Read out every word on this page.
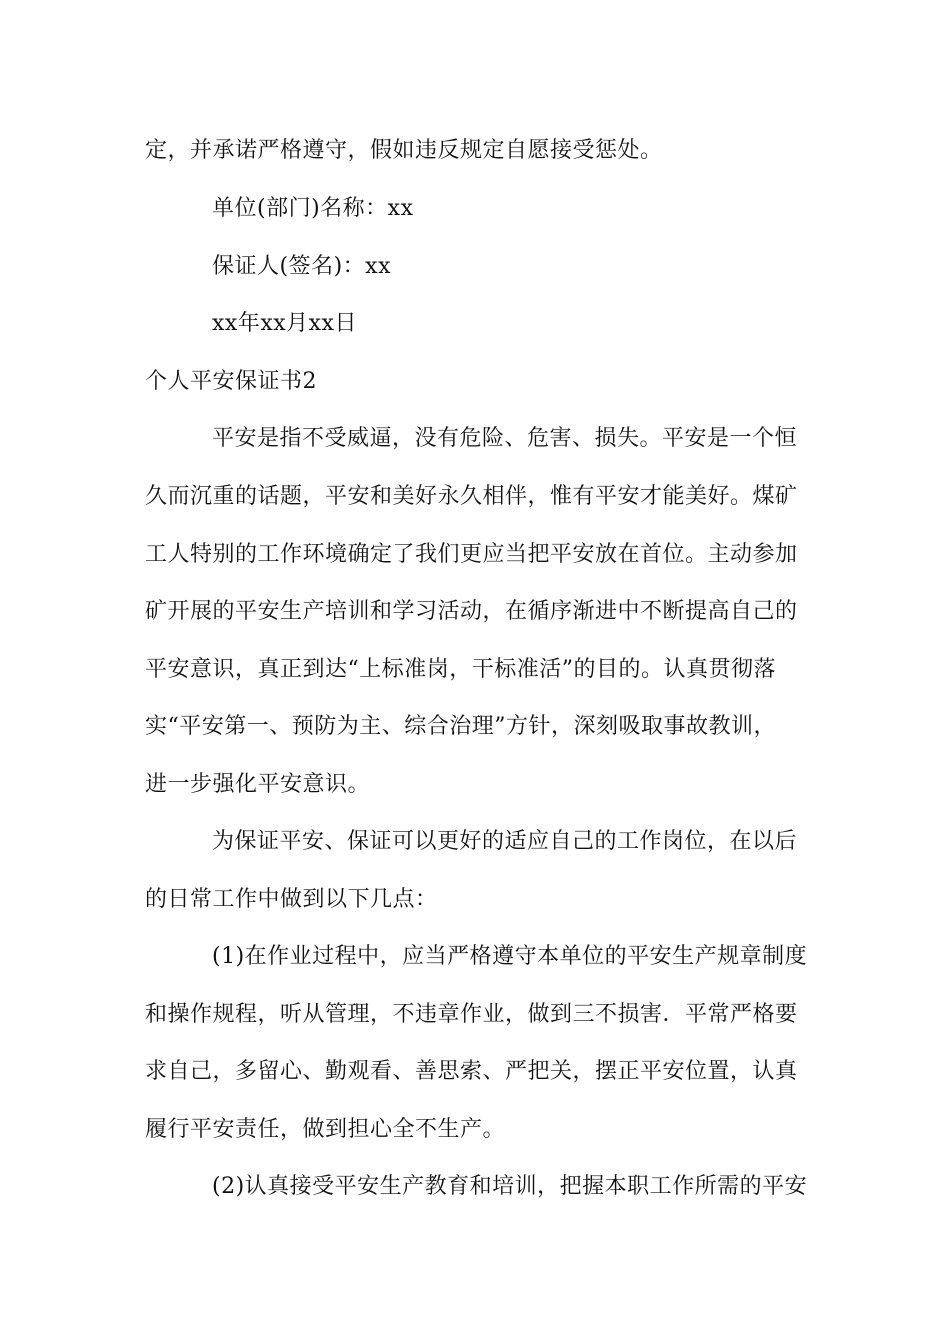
定，并承诺严格遵守，假如违反规定自愿接受惩处。
单位(部门)名称：xx
保证人(签名)：xx
xx年xx月xx日
个人平安保证书2
平安是指不受威逼，没有危险、危害、损失。平安是一个恒
久而沉重的话题，平安和美好永久相伴，惟有平安才能美好。煤矿
工人特别的工作环境确定了我们更应当把平安放在首位。主动参加
矿开展的平安生产培训和学习活动，在循序渐进中不断提高自己的
平安意识，真正到达“上标准岗，干标准活”的目的。认真贯彻落
实“平安第一、预防为主、综合治理”方针，深刻吸取事故教训，
进一步强化平安意识。
为保证平安、保证可以更好的适应自己的工作岗位，在以后
的日常工作中做到以下几点：
(1)在作业过程中，应当严格遵守本单位的平安生产规章制度
和操作规程，听从管理，不违章作业，做到三不损害．平常严格要
求自己，多留心、勤观看、善思索、严把关，摆正平安位置，认真
履行平安责任，做到担心全不生产。
(2)认真接受平安生产教育和培训，把握本职工作所需的平安
